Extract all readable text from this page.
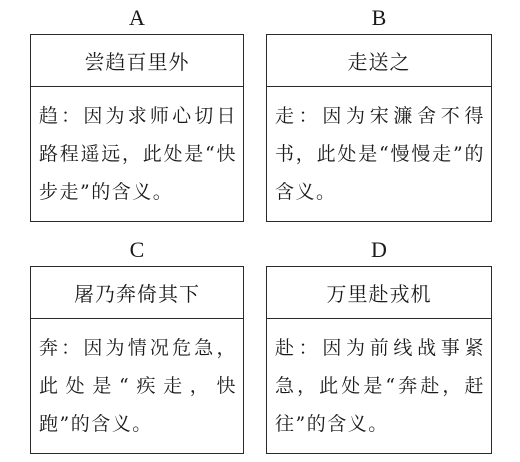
A
尝趋百里外
趋：因为求师心切日路程遥远，此处是“快步走”的含义。
B
走送之
走：因为宋濂舍不得书，此处是“慢慢走”的含义。
C
屠乃奔倚其下
奔：因为情况危急，此处是“疾走，快跑”的含义。
D
万里赴戎机
赴：因为前线战事紧急，此处是“奔赴，赶往”的含义。
